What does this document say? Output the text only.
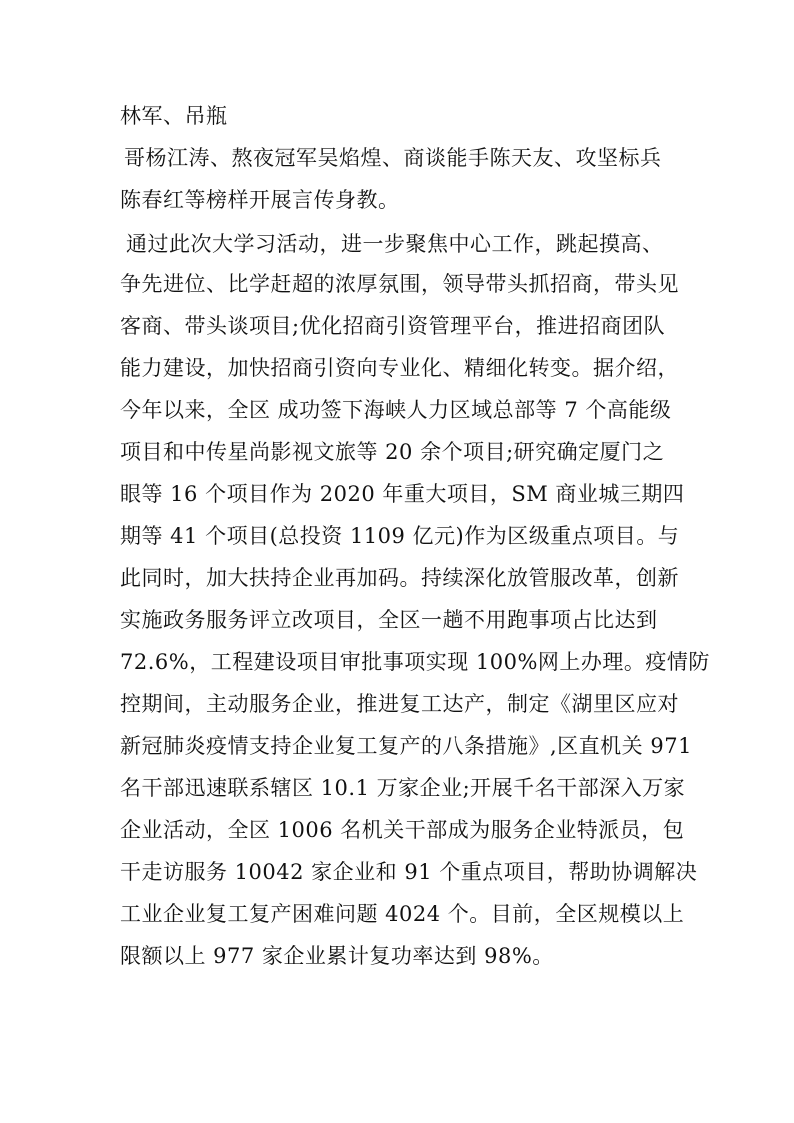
林军、吊瓶
哥杨江涛、熬夜冠军吴焰煌、商谈能手陈天友、攻坚标兵
陈春红等榜样开展言传身教。
通过此次大学习活动，进一步聚焦中心工作，跳起摸高、
争先进位、比学赶超的浓厚氛围，领导带头抓招商，带头见
客商、带头谈项目;优化招商引资管理平台，推进招商团队
能力建设，加快招商引资向专业化、精细化转变。据介绍，
今年以来，全区 成功签下海峡人力区域总部等 7 个高能级
项目和中传星尚影视文旅等 20 余个项目;研究确定厦门之
眼等 16 个项目作为 2020 年重大项目，SM 商业城三期四
期等 41 个项目(总投资 1109 亿元)作为区级重点项目。与
此同时，加大扶持企业再加码。持续深化放管服改革，创新
实施政务服务评立改项目，全区一趟不用跑事项占比达到
72.6%，工程建设项目审批事项实现 100%网上办理。疫情防
控期间，主动服务企业，推进复工达产，制定《湖里区应对
新冠肺炎疫情支持企业复工复产的八条措施》,区直机关 971
名干部迅速联系辖区 10.1 万家企业;开展千名干部深入万家
企业活动，全区 1006 名机关干部成为服务企业特派员，包
干走访服务 10042 家企业和 91 个重点项目，帮助协调解决
工业企业复工复产困难问题 4024 个。目前，全区规模以上
限额以上 977 家企业累计复功率达到 98%。
